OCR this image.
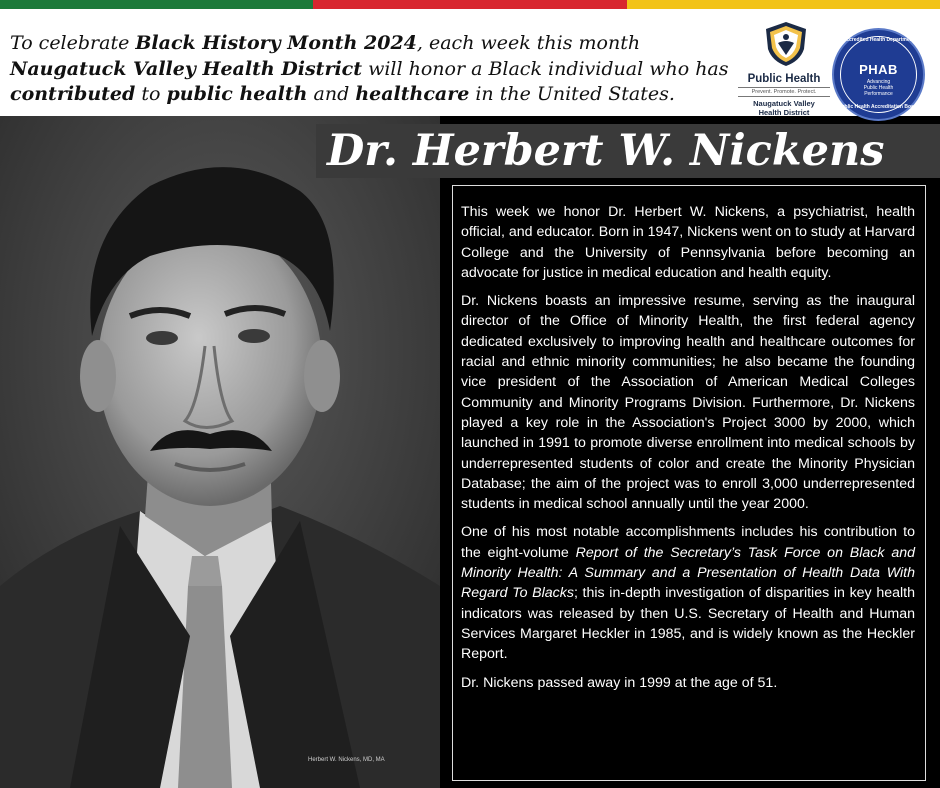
To celebrate Black History Month 2024, each week this month Naugatuck Valley Health District will honor a Black individual who has contributed to public health and healthcare in the United States.
Public Health
Prevent. Promote. Protect.
Naugatuck Valley
Health District
Accredited Health Department
PHAB
Advancing
Public Health
Performance
Public Health Accreditation Board
Herbert W. Nickens, MD, MA
Dr. Herbert W. Nickens

This week we honor Dr. Herbert W. Nickens, a psychiatrist, health official, and educator. Born in 1947, Nickens went on to study at Harvard College and the University of Pennsylvania before becoming an advocate for justice in medical education and health equity.

Dr. Nickens boasts an impressive resume, serving as the inaugural director of the Office of Minority Health, the first federal agency dedicated exclusively to improving health and healthcare outcomes for racial and ethnic minority communities; he also became the founding vice president of the Association of American Medical Colleges Community and Minority Programs Division. Furthermore, Dr. Nickens played a key role in the Association's Project 3000 by 2000, which launched in 1991 to promote diverse enrollment into medical schools by underrepresented students of color and create the Minority Physician Database; the aim of the project was to enroll 3,000 underrepresented students in medical school annually until the year 2000.

One of his most notable accomplishments includes his contribution to the eight-volume Report of the Secretary’s Task Force on Black and Minority Health: A Summary and a Presentation of Health Data With Regard To Blacks; this in-depth investigation of disparities in key health indicators was released by then U.S. Secretary of Health and Human Services Margaret Heckler in 1985, and is widely known as the Heckler Report.

Dr. Nickens passed away in 1999 at the age of 51.
